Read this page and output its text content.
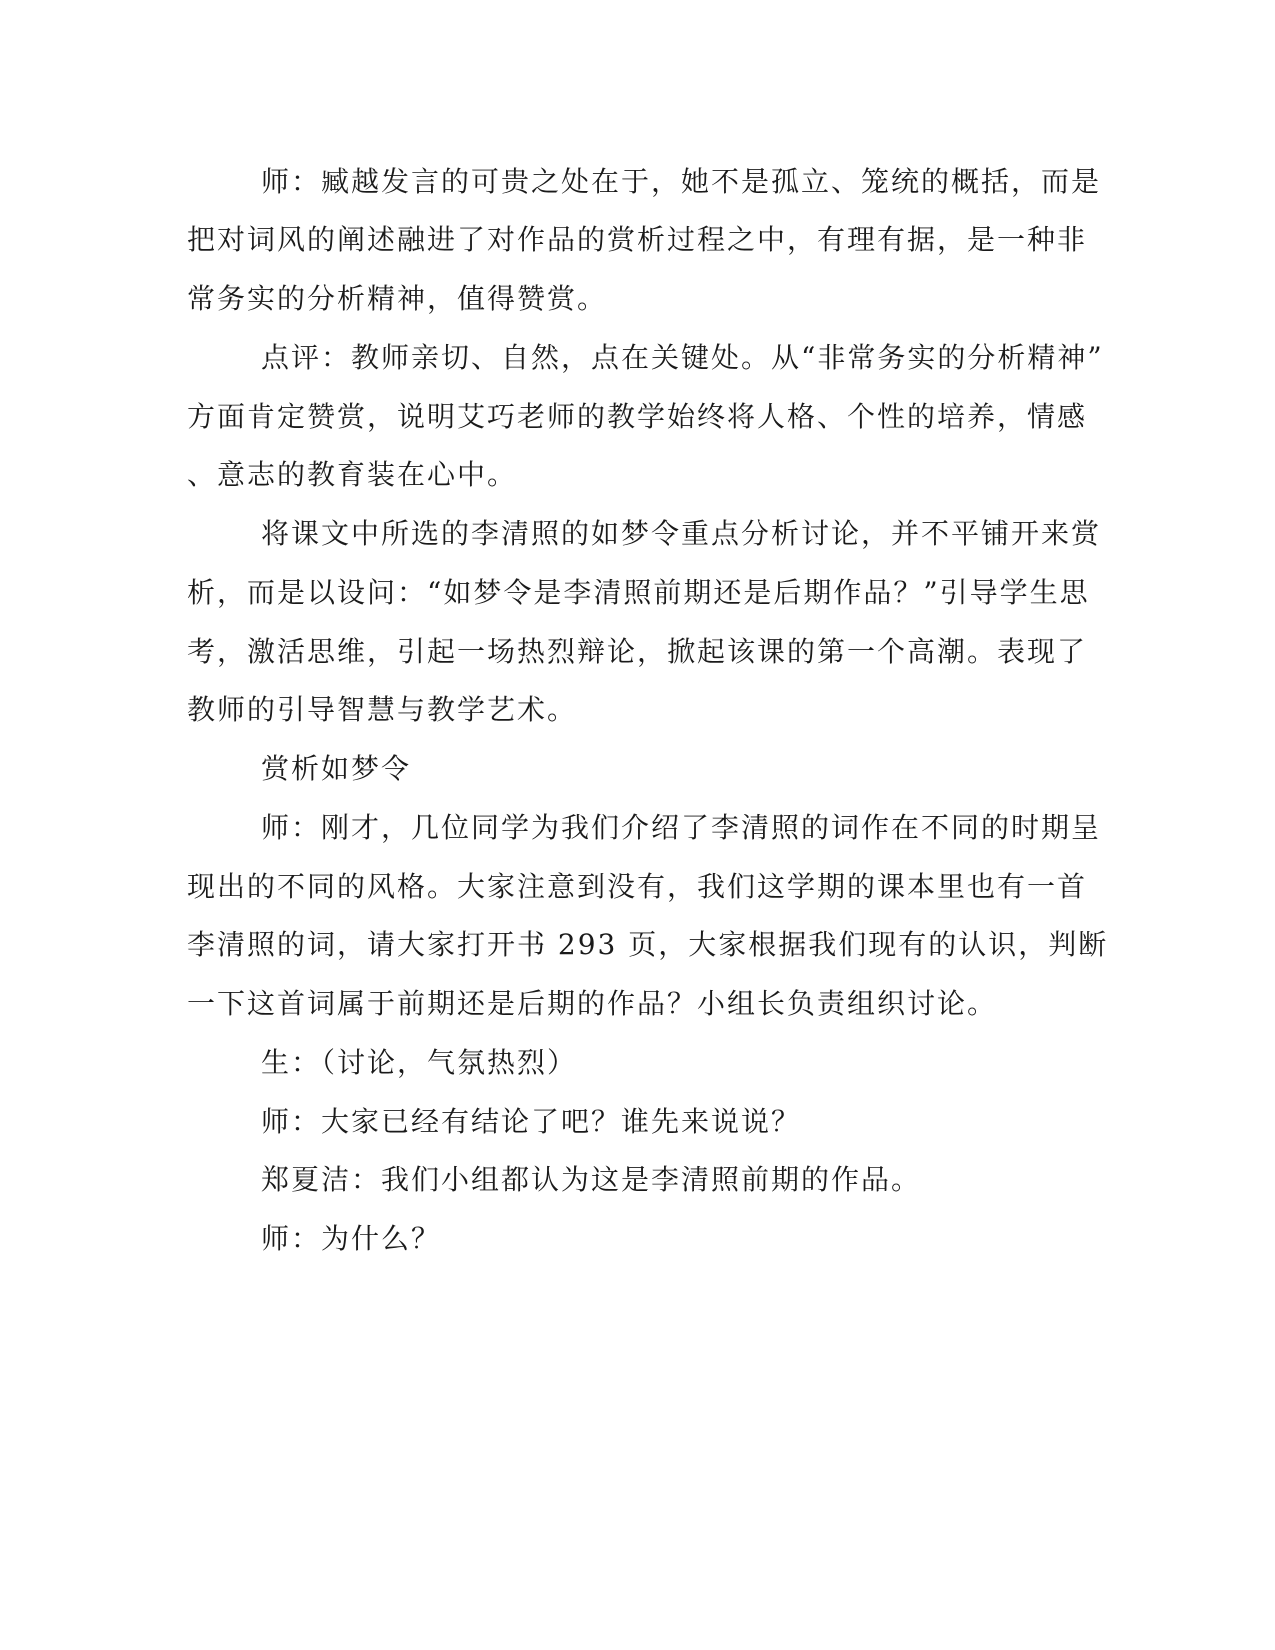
师：臧越发言的可贵之处在于，她不是孤立、笼统的概括，而是
把对词风的阐述融进了对作品的赏析过程之中，有理有据，是一种非
常务实的分析精神，值得赞赏。
点评：教师亲切、自然，点在关键处。从“非常务实的分析精神”
方面肯定赞赏，说明艾巧老师的教学始终将人格、个性的培养，情感
、意志的教育装在心中。
将课文中所选的李清照的如梦令重点分析讨论，并不平铺开来赏
析，而是以设问：“如梦令是李清照前期还是后期作品？”引导学生思
考，激活思维，引起一场热烈辩论，掀起该课的第一个高潮。表现了
教师的引导智慧与教学艺术。
赏析如梦令
师：刚才，几位同学为我们介绍了李清照的词作在不同的时期呈
现出的不同的风格。大家注意到没有，我们这学期的课本里也有一首
李清照的词，请大家打开书 293 页，大家根据我们现有的认识，判断
一下这首词属于前期还是后期的作品？小组长负责组织讨论。
生：（讨论，气氛热烈）
师：大家已经有结论了吧？谁先来说说？
郑夏洁：我们小组都认为这是李清照前期的作品。
师：为什么？
